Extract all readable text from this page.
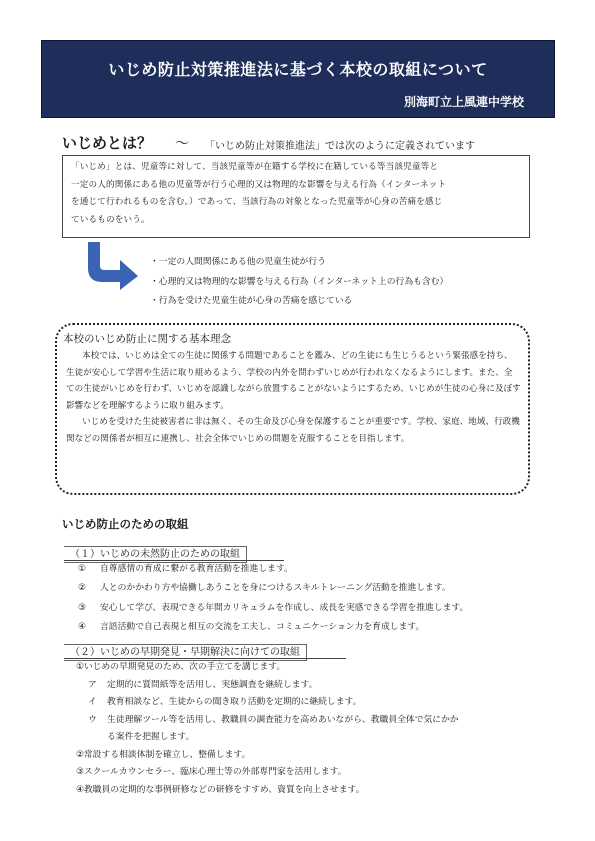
いじめ防止対策推進法に基づく本校の取組について
別海町立上風連中学校
いじめとは？ ～ 「いじめ防止対策推進法」では次のように定義されています
「いじめ」とは、児童等に対して、当該児童等が在籍する学校に在籍している等当該児童等と
一定の人的関係にある他の児童等が行う心理的又は物理的な影響を与える行為（インターネット
を通じて行われるものを含む。）であって、当該行為の対象となった児童等が心身の苦痛を感じ
ているものをいう。
・一定の人間関係にある他の児童生徒が行う
・心理的又は物理的な影響を与える行為（インターネット上の行為も含む）
・行為を受けた児童生徒が心身の苦痛を感じている
本校のいじめ防止に関する基本理念

本校では、いじめは全ての生徒に関係する問題であることを鑑み、どの生徒にも生じうるという緊張感を持ち、生徒が安心して学習や生活に取り組めるよう、学校の内外を問わずいじめが行われなくなるようにします。また、全ての生徒がいじめを行わず、いじめを認識しながら放置することがないようにするため、いじめが生徒の心身に及ぼす影響などを理解するように取り組みます。

いじめを受けた生徒被害者に非は無く、その生命及び心身を保護することが重要です。学校、家庭、地域、行政機関などの関係者が相互に連携し、社会全体でいじめの問題を克服することを目指します。

いじめ防止のための取組
（１）いじめの未然防止のための取組
① 自尊感情の育成に繋がる教育活動を推進します。
② 人とのかかわり方や協働しあうことを身につけるスキルトレーニング活動を推進します。
③ 安心して学び、表現できる年間カリキュラムを作成し、成長を実感できる学習を推進します。
④ 言語活動で自己表現と相互の交流を工夫し、コミュニケーション力を育成します。
（２）いじめの早期発見・早期解決に向けての取組
①いじめの早期発見のため、次の手立てを講じます。
ア 定期的に質問紙等を活用し、実態調査を継続します。
イ 教育相談など、生徒からの聞き取り活動を定期的に継続します。
ウ 生徒理解ツール等を活用し、教職員の調査能力を高めあいながら、教職員全体で気にかか
る案件を把握します。
②常設する相談体制を確立し、整備します。
③スクールカウンセラー、臨床心理士等の外部専門家を活用します。
④教職員の定期的な事例研修などの研修をすすめ、資質を向上させます。
